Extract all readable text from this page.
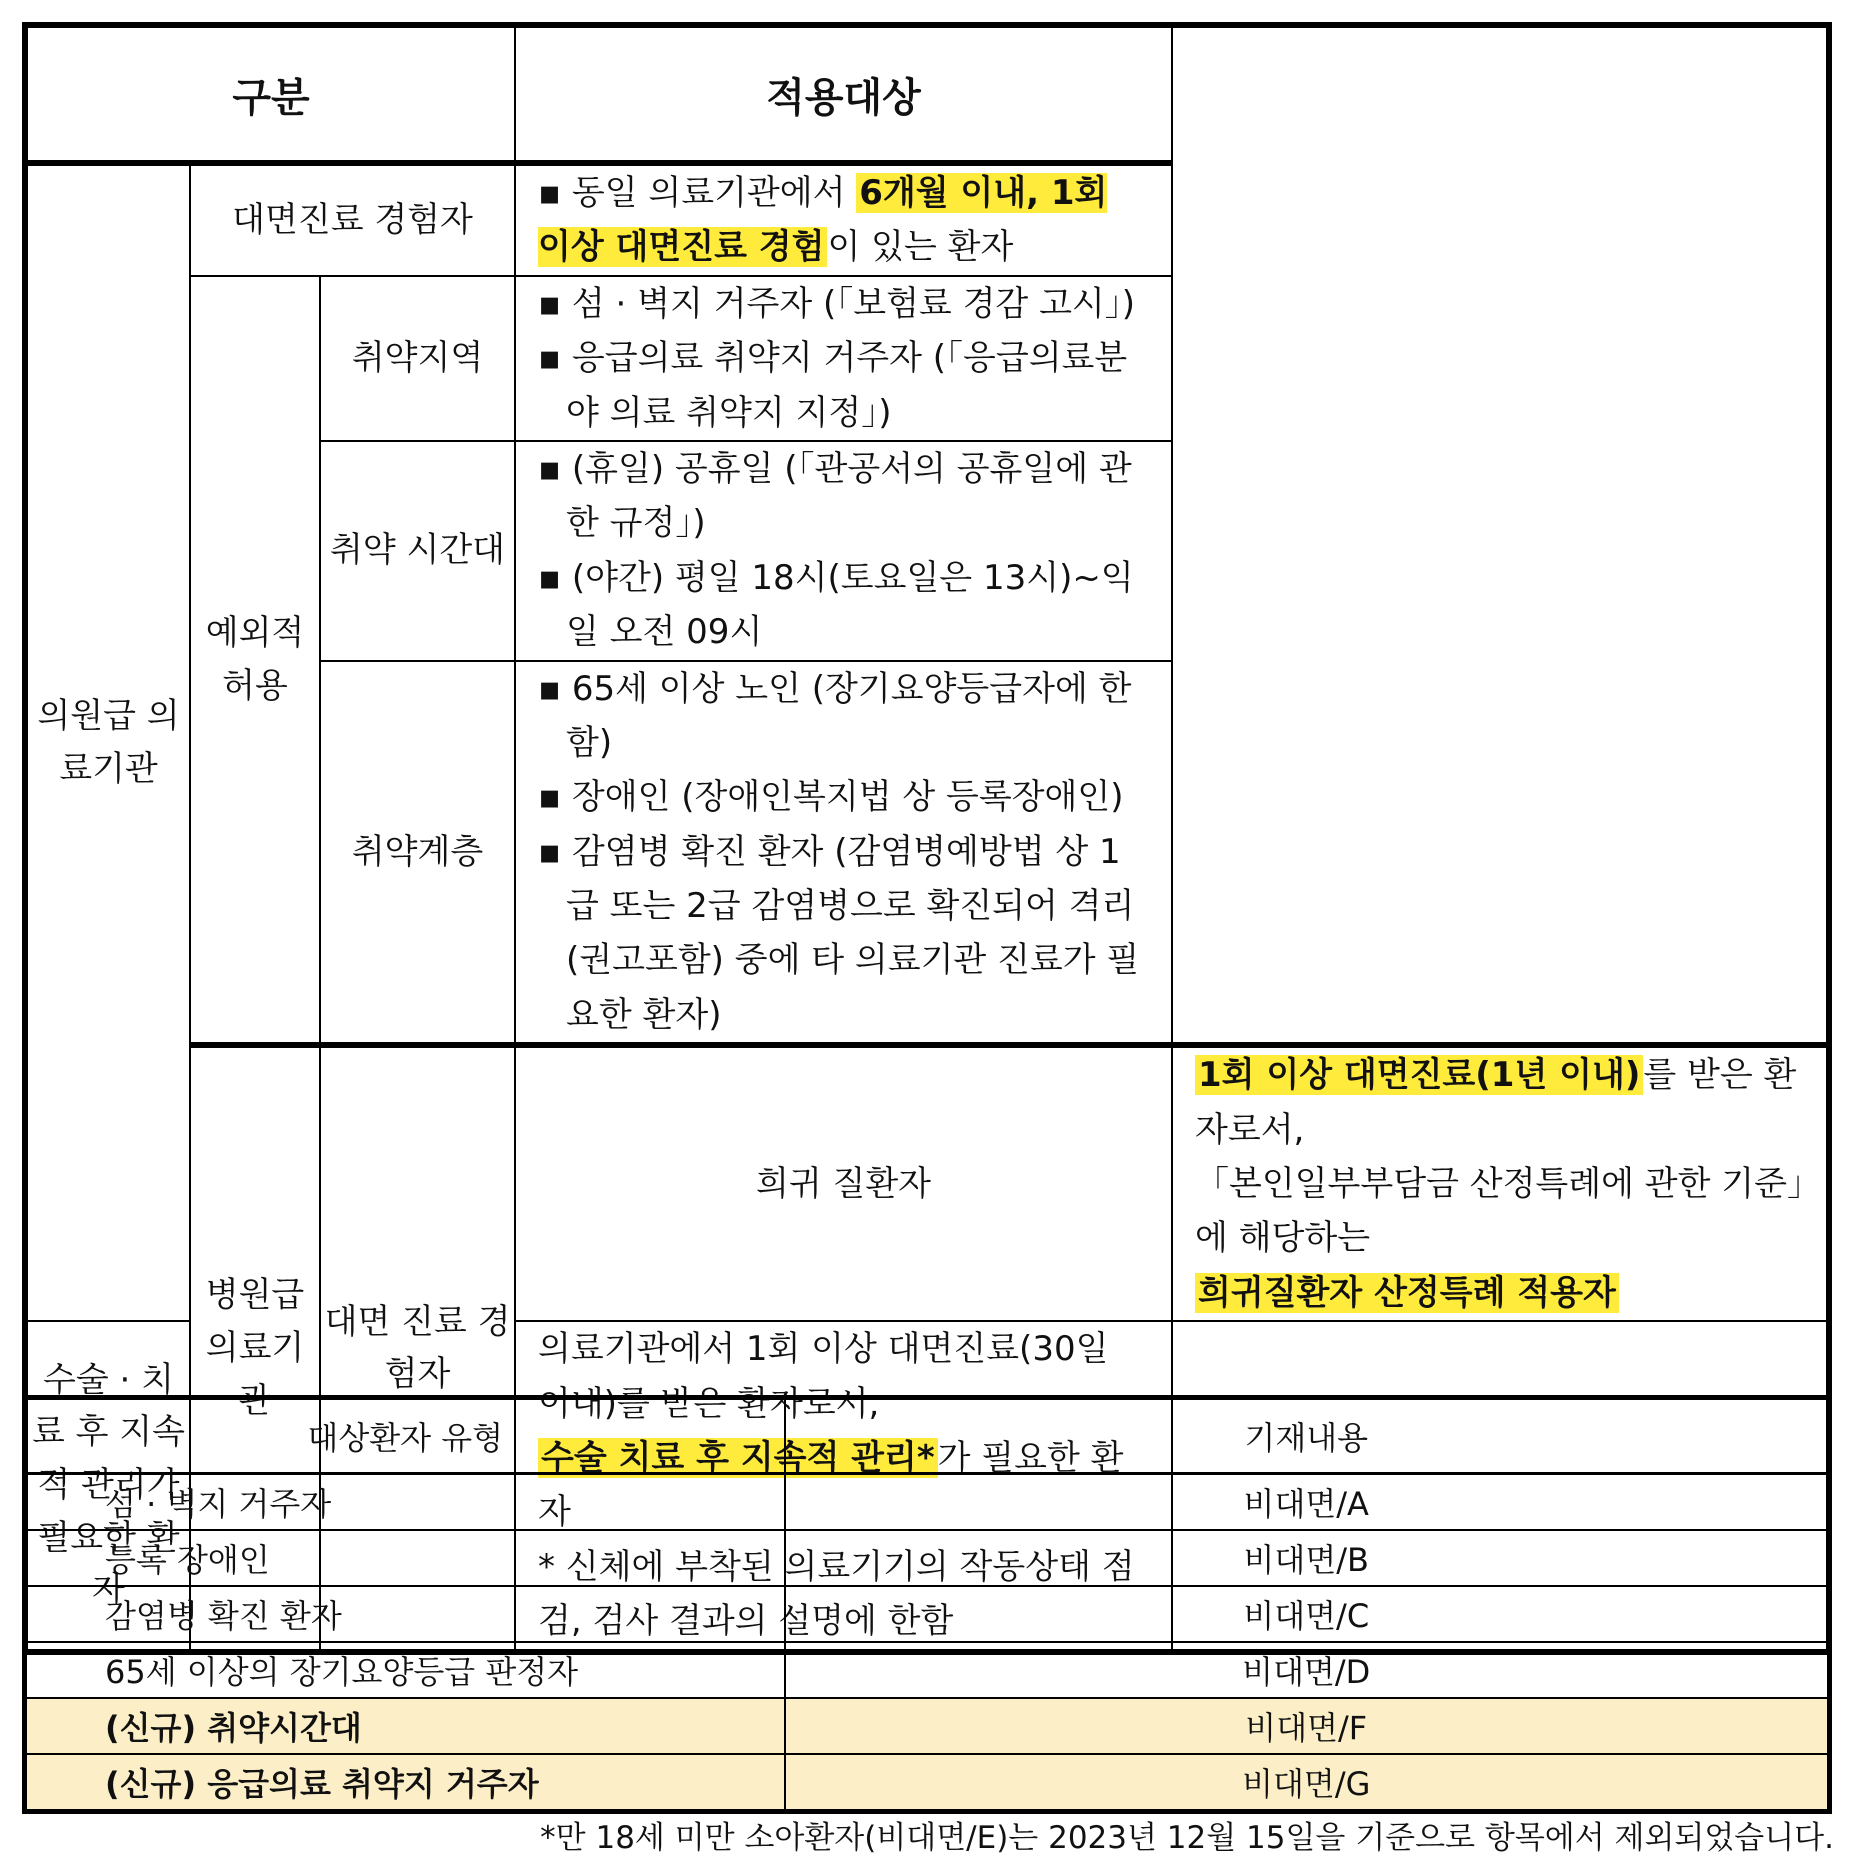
구분			적용대상	
의원급 의료기관	대면진료 경험자		▪ 동일 의료기관에서 6개월 이내, 1회 이상 대면진료 경험이 있는 환자	
	예외적 허용	취약지역	▪ 섬 · 벽지 거주자 (「보험료 경감 고시」)
▪ 응급의료 취약지 거주자 (「응급의료분야 의료 취약지 지정」)	

		취약 시간대	▪ (휴일) 공휴일 (「관공서의 공휴일에 관한 규정」)
▪ (야간) 평일 18시(토요일은 13시)~익일 오전 09시	

		취약계층	▪ 65세 이상 노인 (장기요양등급자에 한함)
▪ 장애인 (장애인복지법 상 등록장애인)
▪ 감염병 확진 환자 (감염병예방법 상 1급 또는 2급 감염병으로 확진되어 격리(권고포함) 중에 타 의료기관 진료가 필요한 환자)	

	병원급 의료기관	대면 진료 경험자	희귀 질환자	1회 이상 대면진료(1년 이내)를 받은 환자로서,
「본인일부부담금 산정특례에 관한 기준」에 해당하는
희귀질환자 산정특례 적용자

수술 · 치료 후 지속적 관리가 필요한 환자			의료기관에서 1회 이상 대면진료(30일 이내)를 받은 환자로서,
수술 치료 후 지속적 관리*가 필요한 환자
* 신체에 부착된 의료기기의 작동상태 점검, 검사 결과의 설명에 한함	
대상환자 유형	기재내용
섬 · 벽지 거주자	비대면/A
등록 장애인	비대면/B
감염병 확진 환자	비대면/C
65세 이상의 장기요양등급 판정자	비대면/D
(신규) 취약시간대	비대면/F
(신규) 응급의료 취약지 거주자	비대면/G
*만 18세 미만 소아환자(비대면/E)는 2023년 12월 15일을 기준으로 항목에서 제외되었습니다.
